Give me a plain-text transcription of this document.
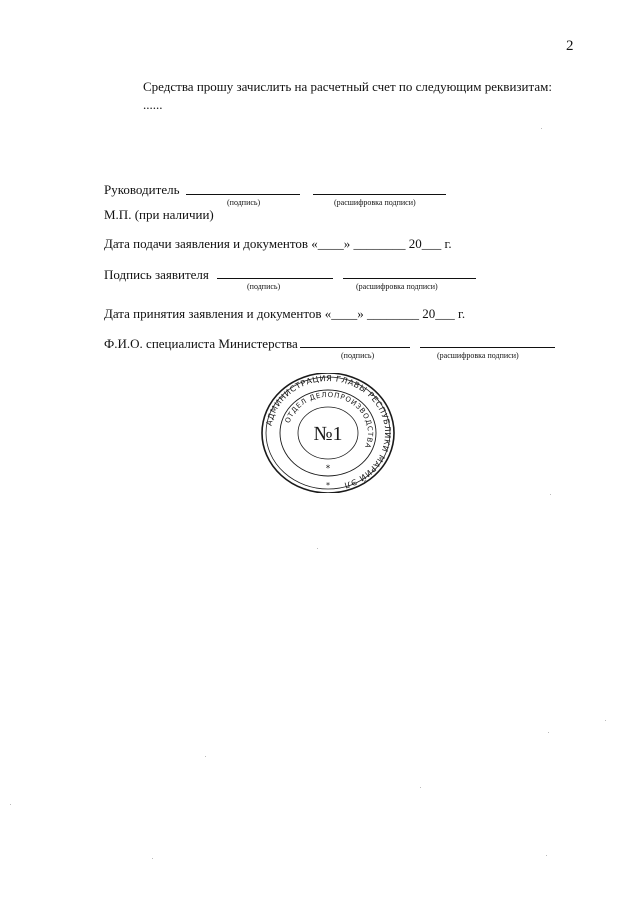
2
Средства прошу зачислить на расчетный счет по следующим реквизитам:
......
Руководитель
(подпись)	(расшифровка подписи)
М.П. (при наличии)
Дата подачи заявления и документов «____» ________ 20___ г.
Подпись заявителя
(подпись)	(расшифровка подписи)
Дата принятия заявления и документов «____» ________ 20___ г.
Ф.И.О. специалиста Министерства
(подпись)	(расшифровка подписи)
АДМИНИСТРАЦИЯ ГЛАВЫ РЕСПУБЛИКИ МАРИЙ ЭЛ
ОТДЕЛ ДЕЛОПРОИЗВОДСТВА
№1
*
*
